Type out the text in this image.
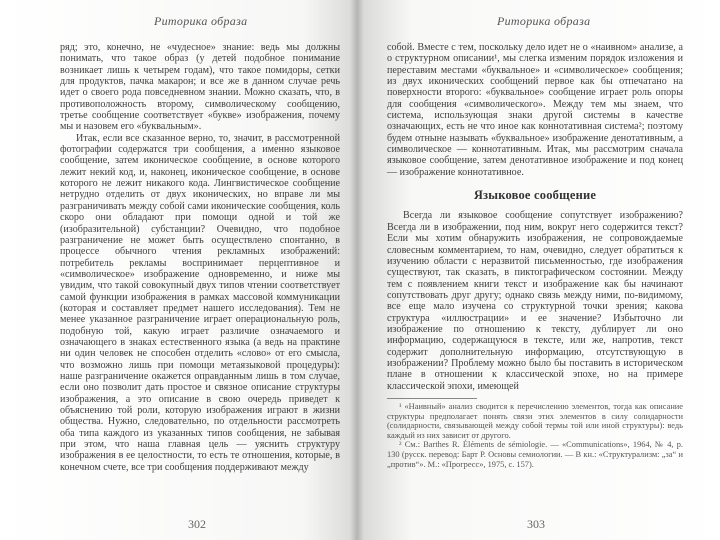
Риторика образа

ряд; это, конечно, не «чудесное» знание: ведь мы должны понимать, что такое образ (у детей подобное понимание возникает лишь к четырем годам), что такое помидоры, сетки для продуктов, пачка макарон; и все же в данном случае речь идет о своего рода повседневном знании. Можно сказать, что, в противоположность второму, символическому сообщению, третье сообщение соответствует «букве» изображения, почему мы и назовем его «буквальным».

Итак, если все сказанное верно, то, значит, в рассмотренной фотографии содержатся три сообщения, а именно языковое сообщение, затем иконическое сообщение, в основе которого лежит некий код, и, наконец, иконическое сообщение, в основе которого не лежит никакого кода. Лингвистическое сообщение нетрудно отделить от двух иконических, но вправе ли мы разграничивать между собой сами иконические сообщения, коль скоро они обладают при помощи одной и той же (изобразительной) субстанции? Очевидно, что подобное разграничение не может быть осуществлено спонтанно, в процессе обычного чтения рекламных изображений: потребитель рекламы воспринимает перцептивное и «символическое» изображение одновременно, и ниже мы увидим, что такой совокупный двух типов чтении соответствует самой функции изображения в рамках массовой коммуникации (которая и составляет предмет нашего исследования). Тем не менее указанное разграничение играет операциональную роль, подобную той, какую играет различие означаемого и означающего в знаках естественного языка (а ведь на практине ни один человек не способен отделить «слово» от его смысла, что возможно лишь при помощи метаязыковой процедуры): наше разграничение окажется оправданным лишь в том случае, если оно позволит дать простое и связное описание структуры изображения, а это описание в свою очередь приведет к объяснению той роли, которую изображения играют в жизни общества. Нужно, следовательно, по отдельности рассмотреть оба типа каждого из указанных типов сообщения, не забывая при этом, что наша главная цель — уяснить структуру изображения в ее целостности, то есть те отношения, которые, в конечном счете, все три сообщения поддерживают между

302
Риторика образа

собой. Вместе с тем, поскольку дело идет не о «наивном» анализе, а о структурном описании¹, мы слегка изменим порядок изложения и переставим местами «буквальное» и «символическое» сообщения; из двух иконических сообщений первое как бы отпечатано на поверхности второго: «буквальное» сообщение играет роль опоры для сообщения «символического». Между тем мы знаем, что система, использующая знаки другой системы в качестве означающих, есть не что иное как коннотативная система²; поэтому будем отныне называть «буквальное» изображение денотативным, а символическое — коннотативным. Итак, мы рассмотрим сначала языковое сообщение, затем денотативное изображение и под конец — изображение коннотативное.

Языковое сообщение

Всегда ли языковое сообщение сопутствует изображению? Всегда ли в изображении, под ним, вокруг него содержится текст? Если мы хотим обнаружить изображения, не сопровождаемые словесным комментарием, то нам, очевидно, следует обратиться к изучению области с неразвитой письменностью, где изображения существуют, так сказать, в пиктографическом состоянии. Между тем с появлением книги текст и изображение как бы начинают сопутствовать друг другу; однако связь между ними, по-видимому, все еще мало изучена со структурной точки зрения; какова структура «иллюстрации» и ее значение? Избыточно ли изображение по отношению к тексту, дублирует ли оно информацию, содержащуюся в тексте, или же, напротив, текст содержит дополнительную информацию, отсутствующую в изображении? Проблему можно было бы поставить в историческом плане в отношении к классической эпохе, но на примере классической эпохи, имеющей

¹ «Наивный» анализ сводится к перечислению элементов, тогда как описание структуры предполагает понять связи этих элементов в силу солидарности (солидарности, связывающей между собой термы той или иной структуры): ведь каждый из них зависит от другого.

² См.: Barthes R. Éléments de sémiologie. — «Communications», 1964, № 4, р. 130 (русск. перевод: Барт Р. Основы семиологии. — В кн.: «Структурализм: „за“ и „против“». М.: «Прогресс», 1975, с. 157).

303
